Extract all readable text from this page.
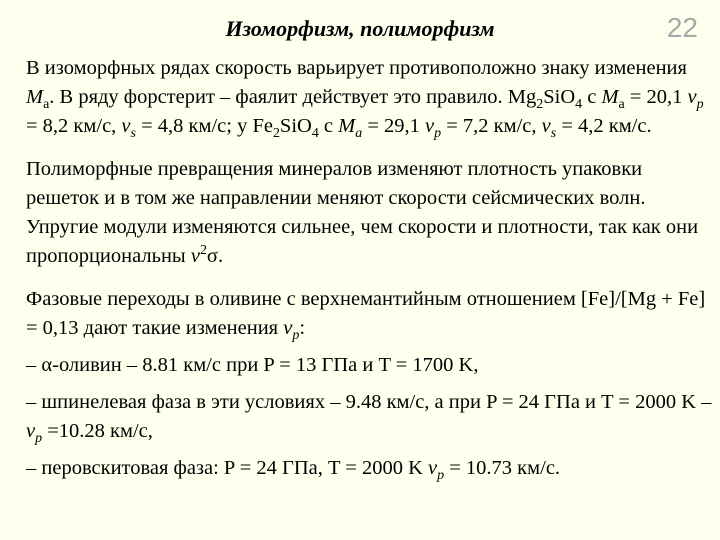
Изоморфизм, полиморфизм	22

В изоморфных рядах скорость варьирует противоположно знаку изменения $M_a$. В ряду форстерит – фаялит действует это правило. $Mg_2SiO_4$ с $M_a = 20,1$ $v_p = 8,2$ км/с, $v_s = 4,8$ км/с; у $Fe_2SiO_4$ с $M_a = 29,1$ $v_p = 7,2$ км/с, $v_s = 4,2$ км/с.

Полиморфные превращения минералов изменяют плотность упаковки решеток и в том же направлении меняют скорости сейсмических волн. Упругие модули изменяются сильнее, чем скорости и плотности, так как они пропорциональны $v^2\sigma$.

Фазовые переходы в оливине с верхнемантийным отношением [Fe]/[Mg + Fe] = 0,13 дают такие изменения $v_p$:

– α-оливин – 8.81 км/с при P = 13 ГПа и T = 1700 K,

– шпинелевая фаза в эти условиях – 9.48 км/с, а при P = 24 ГПа и T = 2000 $K - v_p =10.28$ км/с,

– перовскитовая фаза: P = 24 ГПа, T = 2000 K $v_p = 10.73$ км/с.
